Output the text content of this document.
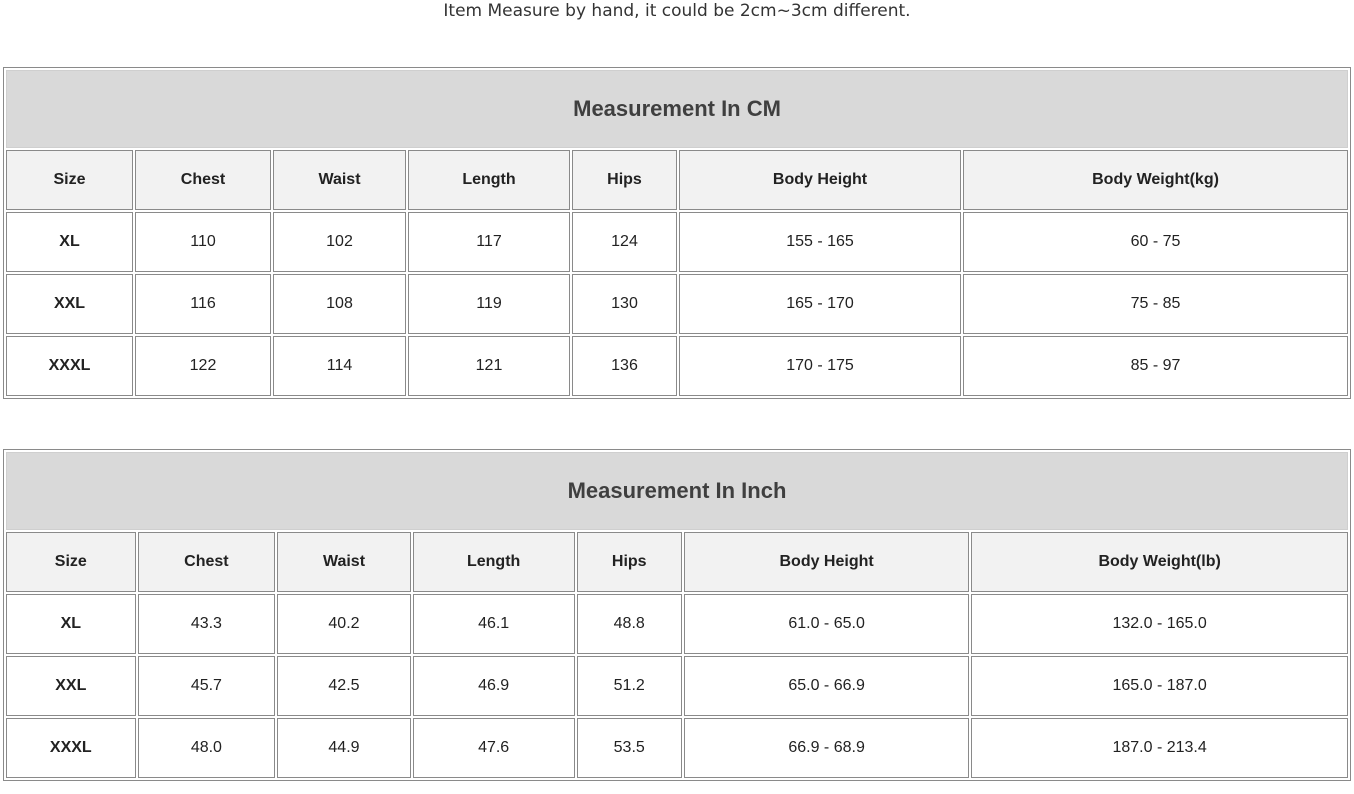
Item Measure by hand, it could be 2cm~3cm different.
Measurement In CM						
Size	Chest	Waist	Length	Hips	Body Height	Body Weight(kg)
XL	110	102	117	124	155 - 165	60 - 75
XXL	116	108	119	130	165 - 170	75 - 85
XXXL	122	114	121	136	170 - 175	85 - 97
Measurement In Inch						
Size	Chest	Waist	Length	Hips	Body Height	Body Weight(lb)
XL	43.3	40.2	46.1	48.8	61.0 - 65.0	132.0 - 165.0
XXL	45.7	42.5	46.9	51.2	65.0 - 66.9	165.0 - 187.0
XXXL	48.0	44.9	47.6	53.5	66.9 - 68.9	187.0 - 213.4
